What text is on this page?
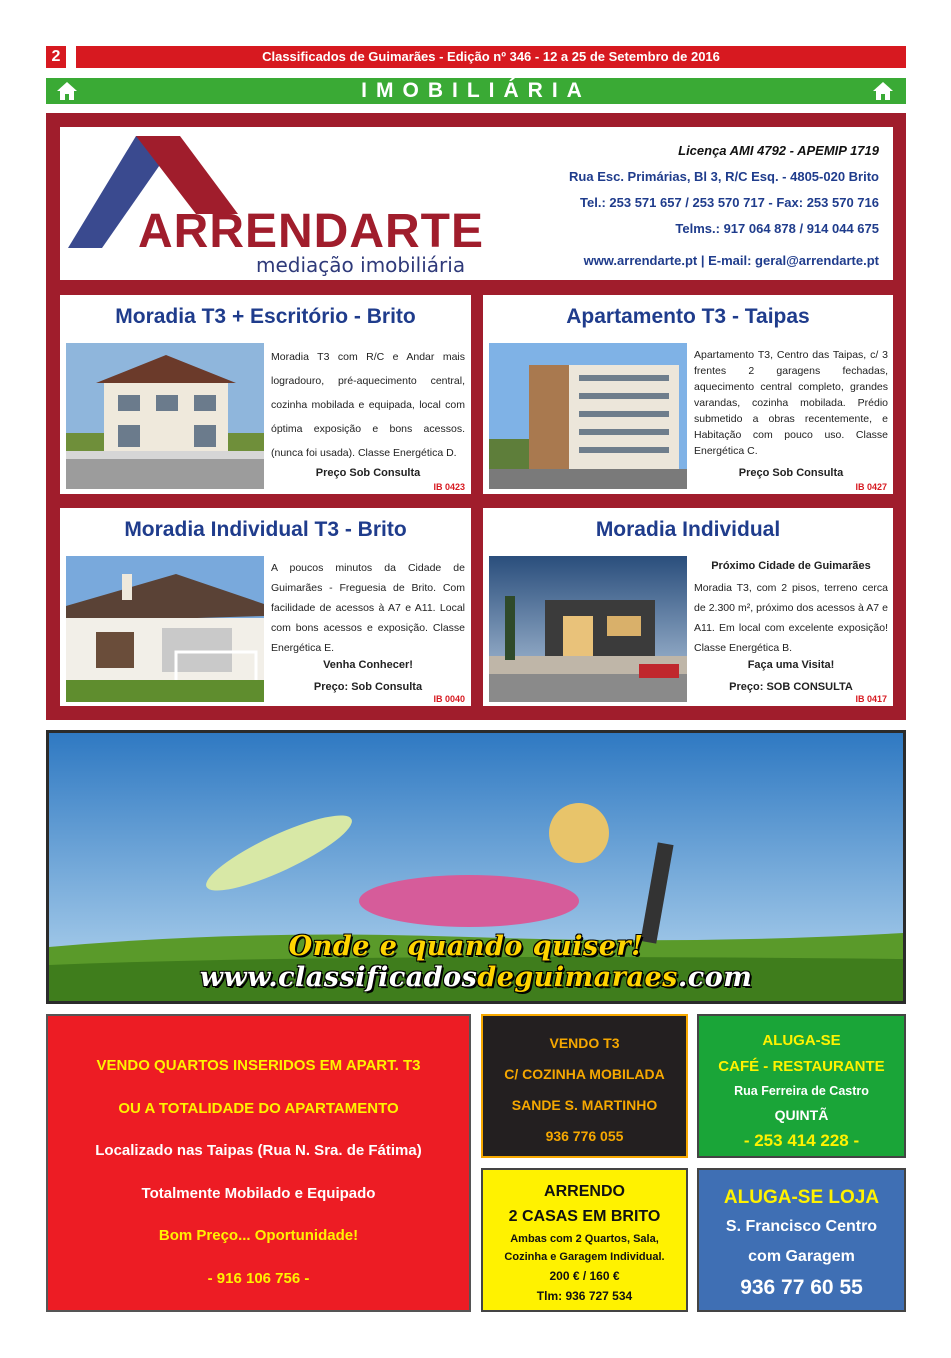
2	Classificados de Guimarães - Edição nº 346 - 12 a 25 de Setembro de 2016
IMOBILIÁRIA
ARRENDARTE
mediação imobiliária
Licença AMI 4792 - APEMIP 1719
Rua Esc. Primárias, Bl 3, R/C Esq. - 4805-020 Brito
Tel.: 253 571 657 / 253 570 717 - Fax: 253 570 716
Telms.: 917 064 878 / 914 044 675
www.arrendarte.pt | E-mail: geral@arrendarte.pt
Moradia T3 + Escritório - Brito
Moradia T3 com R/C e Andar mais logradouro, pré-aquecimento central, cozinha mobilada e equipada, local com óptima exposição e bons acessos. (nunca foi usada). Classe Energética D.
Preço Sob Consulta
IB 0423
Apartamento T3 - Taipas
Apartamento T3, Centro das Taipas, c/ 3 frentes 2 garagens fechadas, aquecimento central completo, grandes varandas, cozinha mobilada. Prédio submetido a obras recentemente, e Habitação com pouco uso. Classe Energética C.
Preço Sob Consulta
IB 0427
Moradia Individual T3 - Brito
A poucos minutos da Cidade de Guimarães - Freguesia de Brito. Com facilidade de acessos à A7 e A11. Local com bons acessos e exposição. Classe Energética E.
Venha Conhecer!
Preço: Sob Consulta
IB 0040
Moradia Individual
Próximo Cidade de Guimarães
Moradia T3, com 2 pisos, terreno cerca de 2.300 m², próximo dos acessos à A7 e A11. Em local com excelente exposição! Classe Energética B.
Faça uma Visita!
Preço: SOB CONSULTA
IB 0417
Onde e quando quiser!   www.classificadosdeguimaraes.com
VENDO QUARTOS INSERIDOS EM APART. T3
OU A TOTALIDADE DO APARTAMENTO
Localizado nas Taipas (Rua N. Sra. de Fátima)
Totalmente Mobilado e Equipado
Bom Preço... Oportunidade!
- 916 106 756 -
VENDO T3
C/ COZINHA MOBILADA
SANDE S. MARTINHO
936 776 055
ALUGA-SE
CAFÉ - RESTAURANTE
Rua Ferreira de Castro
QUINTÃ
- 253 414 228 -
ARRENDO
2 CASAS EM BRITO
Ambas com 2 Quartos, Sala,
Cozinha e Garagem Individual.
200 € / 160 €
Tlm: 936 727 534
ALUGA-SE LOJA
S. Francisco Centro
com Garagem
936 77 60 55
